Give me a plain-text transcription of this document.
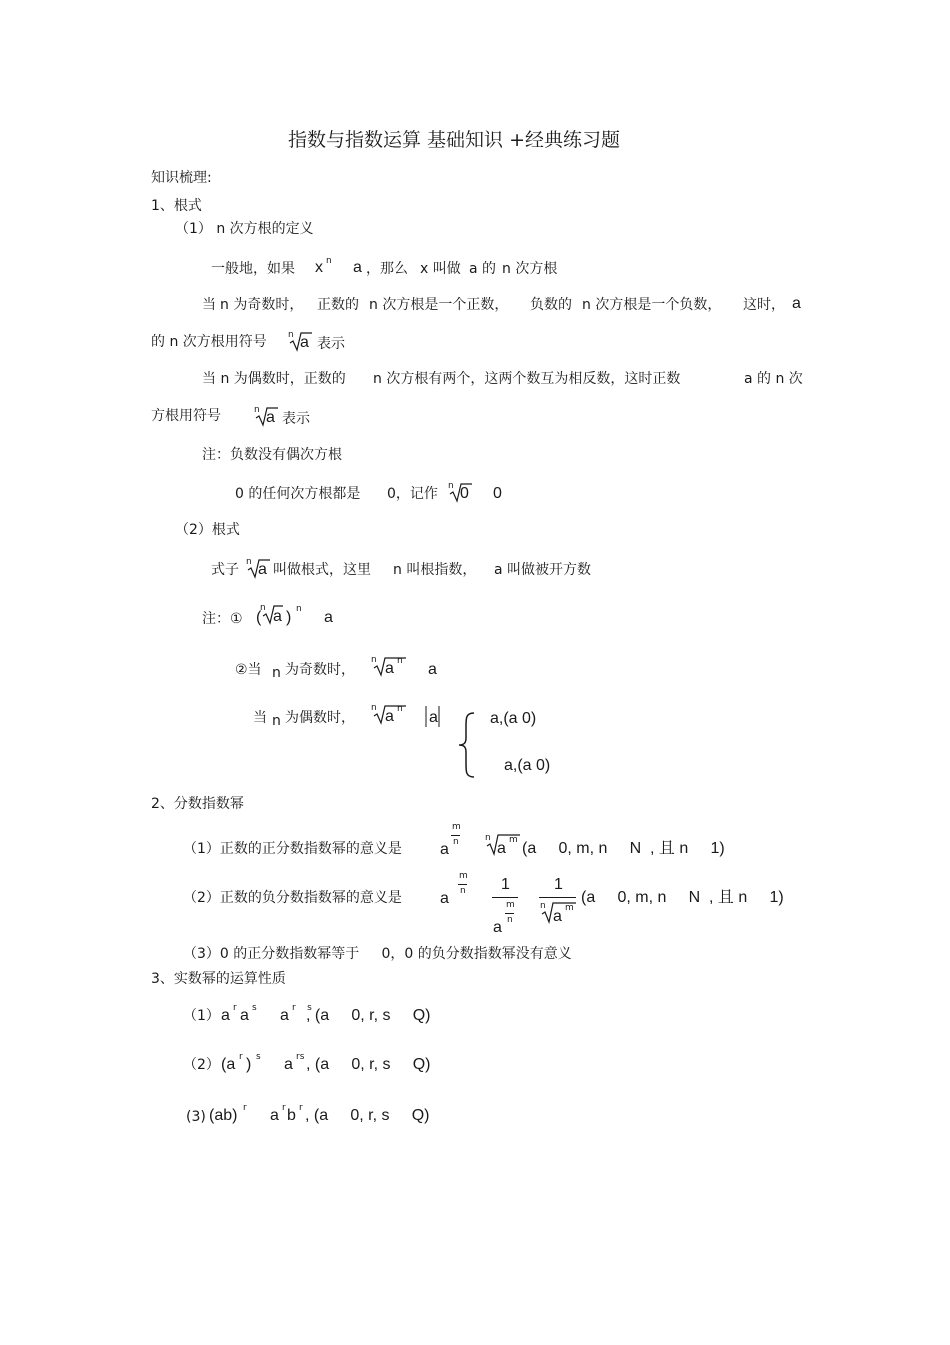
指数与指数运算 基础知识 +经典练习题
知识梳理:
1、根式
（1） n 次方根的定义
一般地，如果 x n a ，那么 x 叫做 a 的 n 次方根
当 n 为奇数时， 正数的 n 次方根是一个正数， 负数的 n 次方根是一个负数， 这时， a
的 n 次方根用符号 n a 表示
当 n 为偶数时，正数的 n 次方根有两个，这两个数互为相反数，这时正数	a 的 n 次
方根用符号	n a 表示
注：负数没有偶次方根
0 的任何次方根都是 0，记作 n 0 0
（2）根式
式子 n a 叫做根式，这里 n 叫根指数， a 叫做被开方数
注：① (
n a ) n a
②当 n 为奇数时，
n a n a
当 n 为偶数时，
n a n a	a,(a 0)
a,(a 0)
2、分数指数幂
（1）正数的正分数指数幂的意义是 a
m
n	n
a m (a     0, m, n     N  , 且 n     1)
（2）正数的负分数指数幂的意义是 a
m
n 1
a
m
n
1
n
a m
(a     0, m, n     N  , 且 n     1)
（3）0 的正分数指数幂等于     0，0 的负分数指数幂没有意义
3、实数幂的运算性质
（1） a r a s a r    s
, (a     0, r, s     Q)
（2） (a r ) s a rs , (a     0, r, s     Q)
(3) (ab) r a r b r , (a     0, r, s     Q)
